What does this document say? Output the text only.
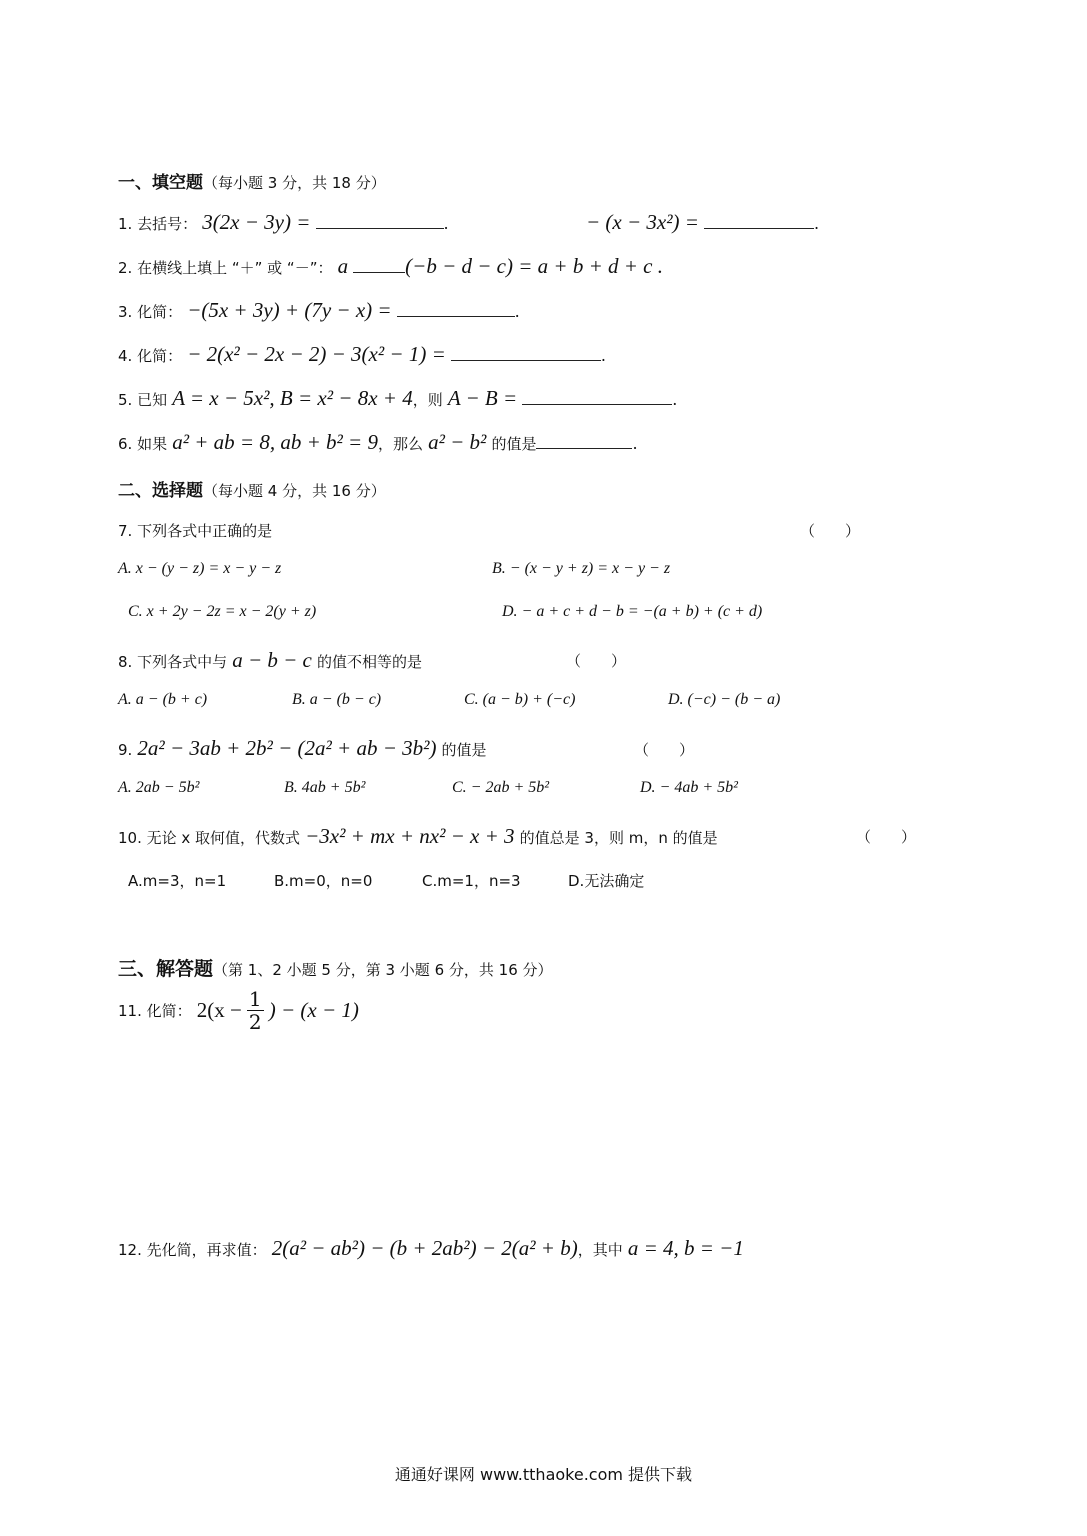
一、填空题（每小题 3 分，共 18 分）
1. 去括号： 3(2x − 3y) =	.	− (x − 3x²) =	.
2. 在横线上填上 “＋” 或 “－”： a	(−b − d − c) = a + b + d + c .
3. 化简： −(5x + 3y) + (7y − x) =	.
4. 化简： − 2(x² − 2x − 2) − 3(x² − 1) =	.
5. 已知 A = x − 5x², B = x² − 8x + 4，则 A − B =	.
6. 如果 a² + ab = 8, ab + b² = 9，那么 a² − b² 的值是	.
二、选择题（每小题 4 分，共 16 分）
7. 下列各式中正确的是	（　　）
A. x − (y − z) = x − y − z	B. − (x − y + z) = x − y − z
C. x + 2y − 2z = x − 2(y + z)	D. − a + c + d − b = −(a + b) + (c + d)
8. 下列各式中与 a − b − c 的值不相等的是	（　　）
A. a − (b + c)	B. a − (b − c)	C. (a − b) + (−c)	D. (−c) − (b − a)
9. 2a² − 3ab + 2b² − (2a² + ab − 3b²) 的值是	（　　）
A. 2ab − 5b²	B. 4ab + 5b²	C. − 2ab + 5b²	D. − 4ab + 5b²
10. 无论 x 取何值，代数式 −3x² + mx + nx² − x + 3 的值总是 3，则 m，n 的值是	（　　）
A.m=3，n=1	B.m=0，n=0	C.m=1，n=3	D.无法确定
三、解答题（第 1、2 小题 5 分，第 3 小题 6 分，共 16 分）
11. 化简： $2(x - \frac{1}{2}$ ) − (x − 1)
12. 先化简，再求值： 2(a² − ab²) − (b + 2ab²) − 2(a² + b)，其中 a = 4, b = −1
通通好课网 www.tthaoke.com 提供下载
